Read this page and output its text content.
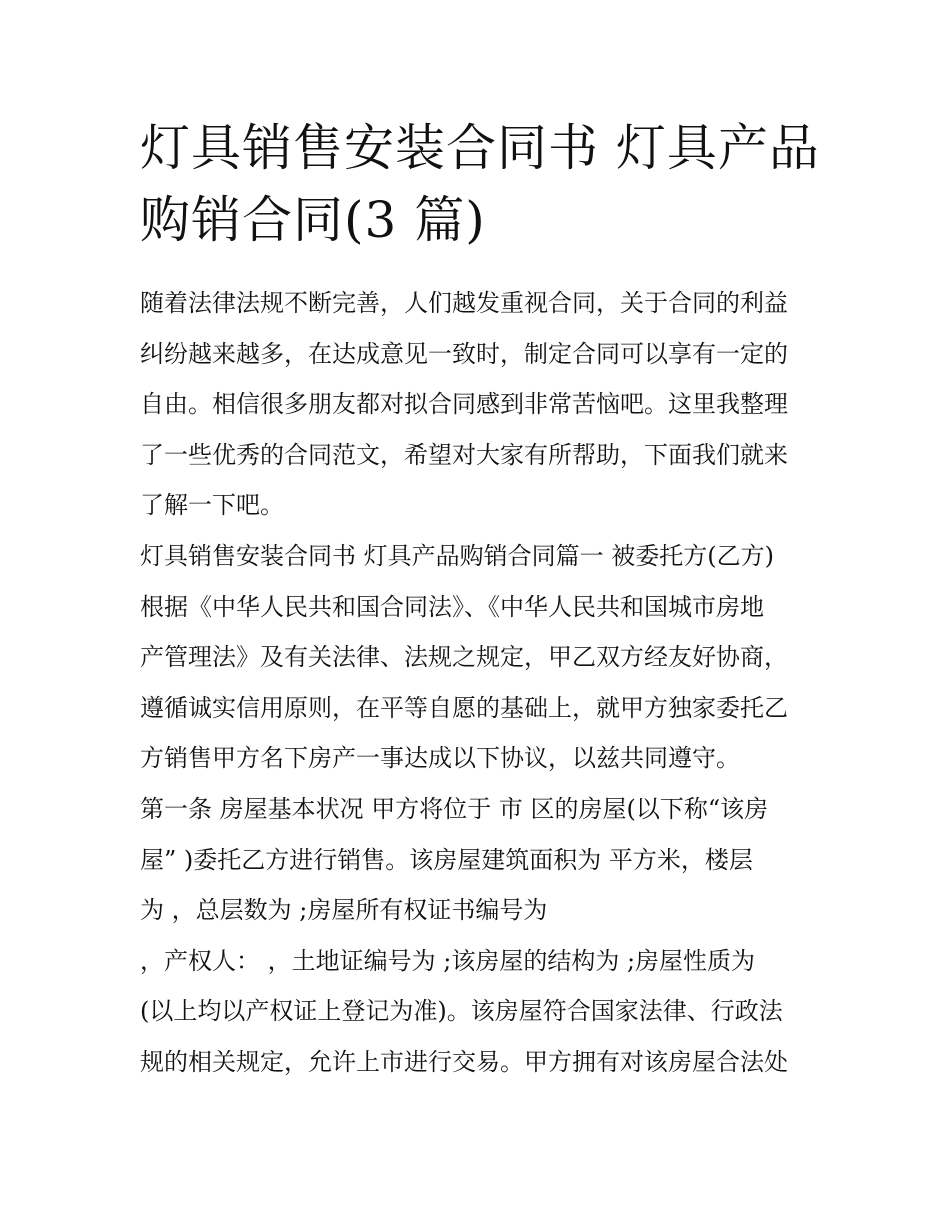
灯具销售安装合同书 灯具产品
购销合同(3 篇)
随着法律法规不断完善，人们越发重视合同，关于合同的利益
纠纷越来越多，在达成意见一致时，制定合同可以享有一定的
自由。相信很多朋友都对拟合同感到非常苦恼吧。这里我整理
了一些优秀的合同范文，希望对大家有所帮助，下面我们就来
了解一下吧。
灯具销售安装合同书 灯具产品购销合同篇一 被委托方(乙方)
根据《中华人民共和国合同法》、《中华人民共和国城市房地
产管理法》及有关法律、法规之规定，甲乙双方经友好协商，
遵循诚实信用原则，在平等自愿的基础上，就甲方独家委托乙
方销售甲方名下房产一事达成以下协议，以兹共同遵守。
第一条 房屋基本状况 甲方将位于 市 区的房屋(以下称“该房
屋” )委托乙方进行销售。该房屋建筑面积为 平方米，楼层
为 ，总层数为 ;房屋所有权证书编号为
，产权人： ，土地证编号为 ;该房屋的结构为 ;房屋性质为
(以上均以产权证上登记为准)。该房屋符合国家法律、行政法
规的相关规定，允许上市进行交易。甲方拥有对该房屋合法处
